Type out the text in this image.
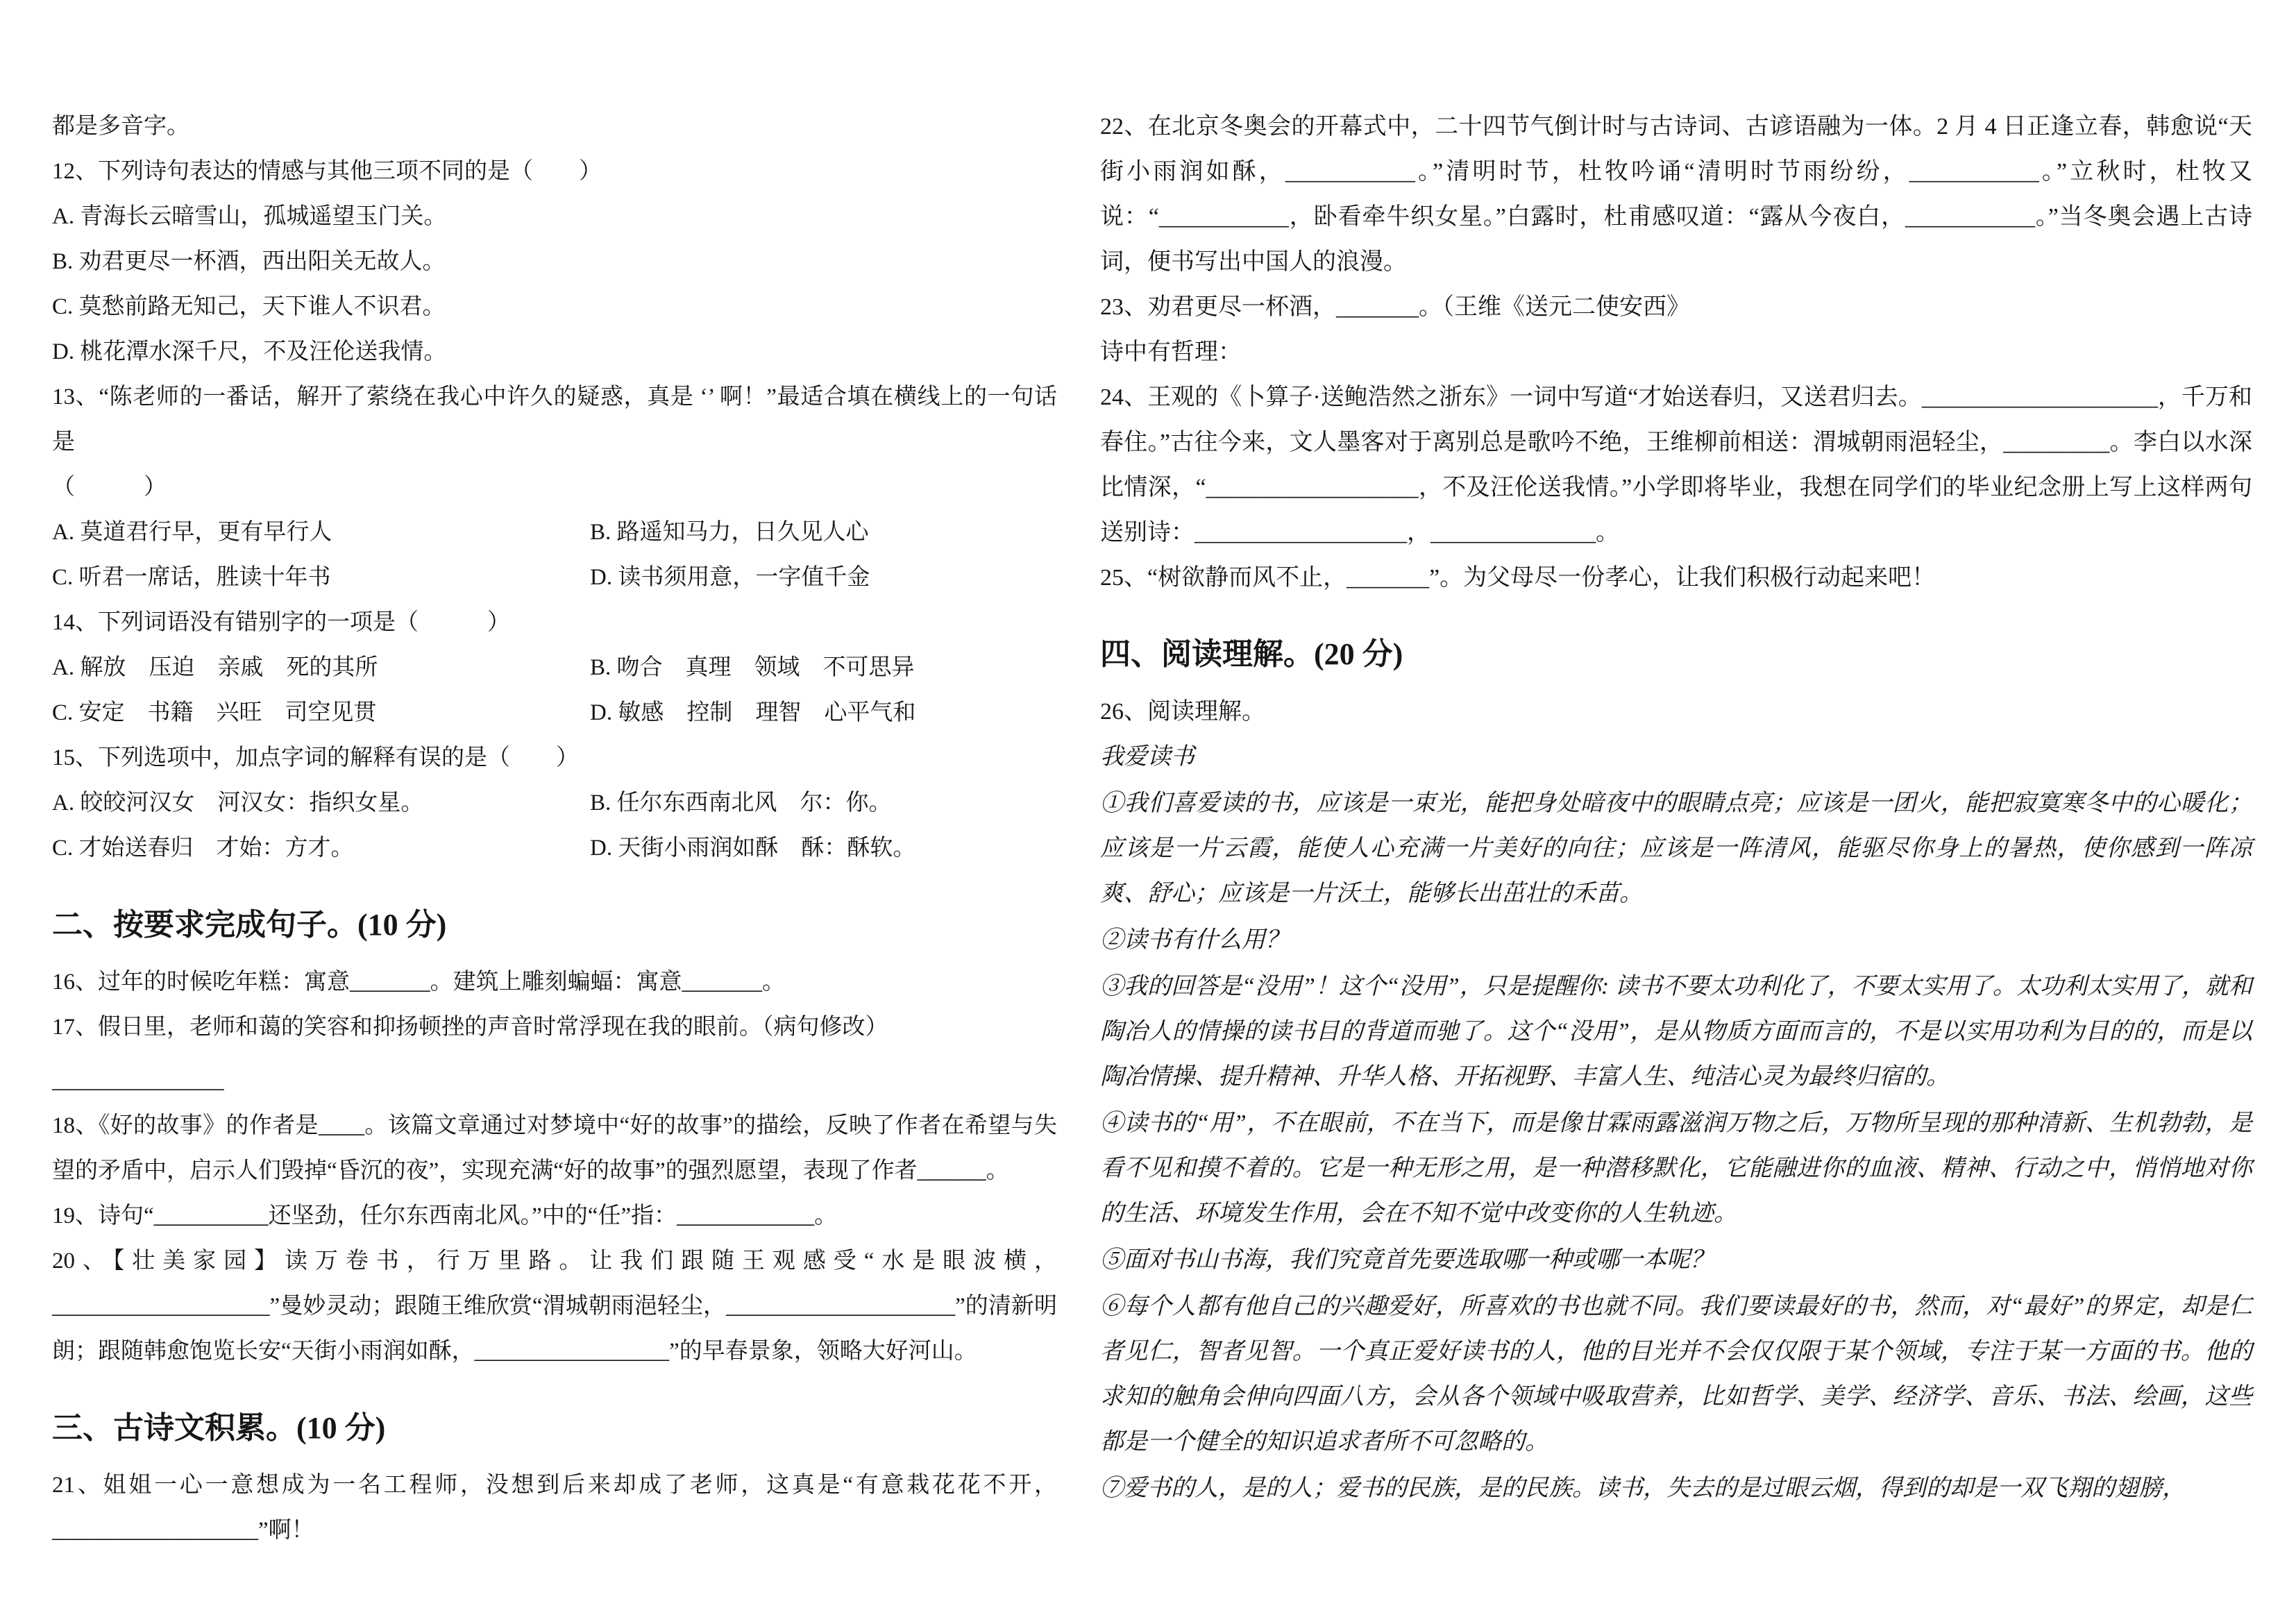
都是多音字。

12、下列诗句表达的情感与其他三项不同的是（　　）

A. 青海长云暗雪山，孤城遥望玉门关。

B. 劝君更尽一杯酒，西出阳关无故人。

C. 莫愁前路无知己，天下谁人不识君。

D. 桃花潭水深千尺，不及汪伦送我情。

13、“陈老师的一番话，解开了萦绕在我心中许久的疑惑，真是 ‘’ 啊！”最适合填在横线上的一句话是

（　　　）

A. 莫道君行早，更有早行人	B. 路遥知马力，日久见人心
C. 听君一席话，胜读十年书	D. 读书须用意，一字值千金

14、下列词语没有错别字的一项是（　　　）

A. 解放　压迫　亲戚　死的其所	B. 吻合　真理　领域　不可思异
C. 安定　书籍　兴旺　司空见贯	D. 敏感　控制　理智　心平气和

15、下列选项中，加点字词的解释有误的是（　　）

A. 皎皎河汉女　河汉女：指织女星。	B. 任尔东西南北风　尔：你。
C. 才始送春归　才始：方才。	D. 天街小雨润如酥　酥：酥软。

二、按要求完成句子。(10 分)

16、过年的时候吃年糕：寓意_______。建筑上雕刻蝙蝠：寓意_______。

17、假日里，老师和蔼的笑容和抑扬顿挫的声音时常浮现在我的眼前。（病句修改）

_______________

18、《好的故事》的作者是____。该篇文章通过对梦境中“好的故事”的描绘，反映了作者在希望与失望的矛盾中，启示人们毁掉“昏沉的夜”，实现充满“好的故事”的强烈愿望，表现了作者______。

19、诗句“__________还坚劲，任尔东西南北风。”中的“任”指：____________。

20、【壮美家园】读万卷书，行万里路。让我们跟随王观感受“水是眼波横，___________________”曼妙灵动；跟随王维欣赏“渭城朝雨浥轻尘，____________________”的清新明朗；跟随韩愈饱览长安“天街小雨润如酥，_________________”的早春景象，领略大好河山。

三、古诗文积累。(10 分)

21、姐姐一心一意想成为一名工程师，没想到后来却成了老师，这真是“有意栽花花不开，__________________”啊！

22、在北京冬奥会的开幕式中，二十四节气倒计时与古诗词、古谚语融为一体。2 月 4 日正逢立春，韩愈说“天街小雨润如酥，___________。”清明时节，杜牧吟诵“清明时节雨纷纷，___________。”立秋时，杜牧又说：“___________，卧看牵牛织女星。”白露时，杜甫感叹道：“露从今夜白，___________。”当冬奥会遇上古诗词，便书写出中国人的浪漫。

23、劝君更尽一杯酒，_______。（王维《送元二使安西》

诗中有哲理：

24、王观的《卜算子·送鲍浩然之浙东》一词中写道“才始送春归，又送君归去。____________________，千万和春住。”古往今来，文人墨客对于离别总是歌吟不绝，王维柳前相送：渭城朝雨浥轻尘，_________。李白以水深比情深，“__________________，不及汪伦送我情。”小学即将毕业，我想在同学们的毕业纪念册上写上这样两句送别诗：__________________，______________。

25、“树欲静而风不止，_______”。为父母尽一份孝心，让我们积极行动起来吧！

四、阅读理解。(20 分)

26、阅读理解。

我爱读书

①我们喜爱读的书，应该是一束光，能把身处暗夜中的眼睛点亮；应该是一团火，能把寂寞寒冬中的心暖化；应该是一片云霞，能使人心充满一片美好的向往；应该是一阵清风，能驱尽你身上的暑热，使你感到一阵凉爽、舒心；应该是一片沃土，能够长出茁壮的禾苗。

②读书有什么用？

③我的回答是“没用”！这个“没用”，只是提醒你: 读书不要太功利化了，不要太实用了。太功利太实用了，就和陶冶人的情操的读书目的背道而驰了。这个“没用”，是从物质方面而言的，不是以实用功利为目的的，而是以陶冶情操、提升精神、升华人格、开拓视野、丰富人生、纯洁心灵为最终归宿的。

④读书的“用”，不在眼前，不在当下，而是像甘霖雨露滋润万物之后，万物所呈现的那种清新、生机勃勃，是看不见和摸不着的。它是一种无形之用，是一种潜移默化，它能融进你的血液、精神、行动之中，悄悄地对你的生活、环境发生作用，会在不知不觉中改变你的人生轨迹。

⑤面对书山书海，我们究竟首先要选取哪一种或哪一本呢？

⑥每个人都有他自己的兴趣爱好，所喜欢的书也就不同。我们要读最好的书，然而，对“最好”的界定，却是仁者见仁，智者见智。一个真正爱好读书的人，他的目光并不会仅仅限于某个领域，专注于某一方面的书。他的求知的触角会伸向四面八方，会从各个领域中吸取营养，比如哲学、美学、经济学、音乐、书法、绘画，这些都是一个健全的知识追求者所不可忽略的。

⑦爱书的人，是的人；爱书的民族，是的民族。读书，失去的是过眼云烟，得到的却是一双飞翔的翅膀，
